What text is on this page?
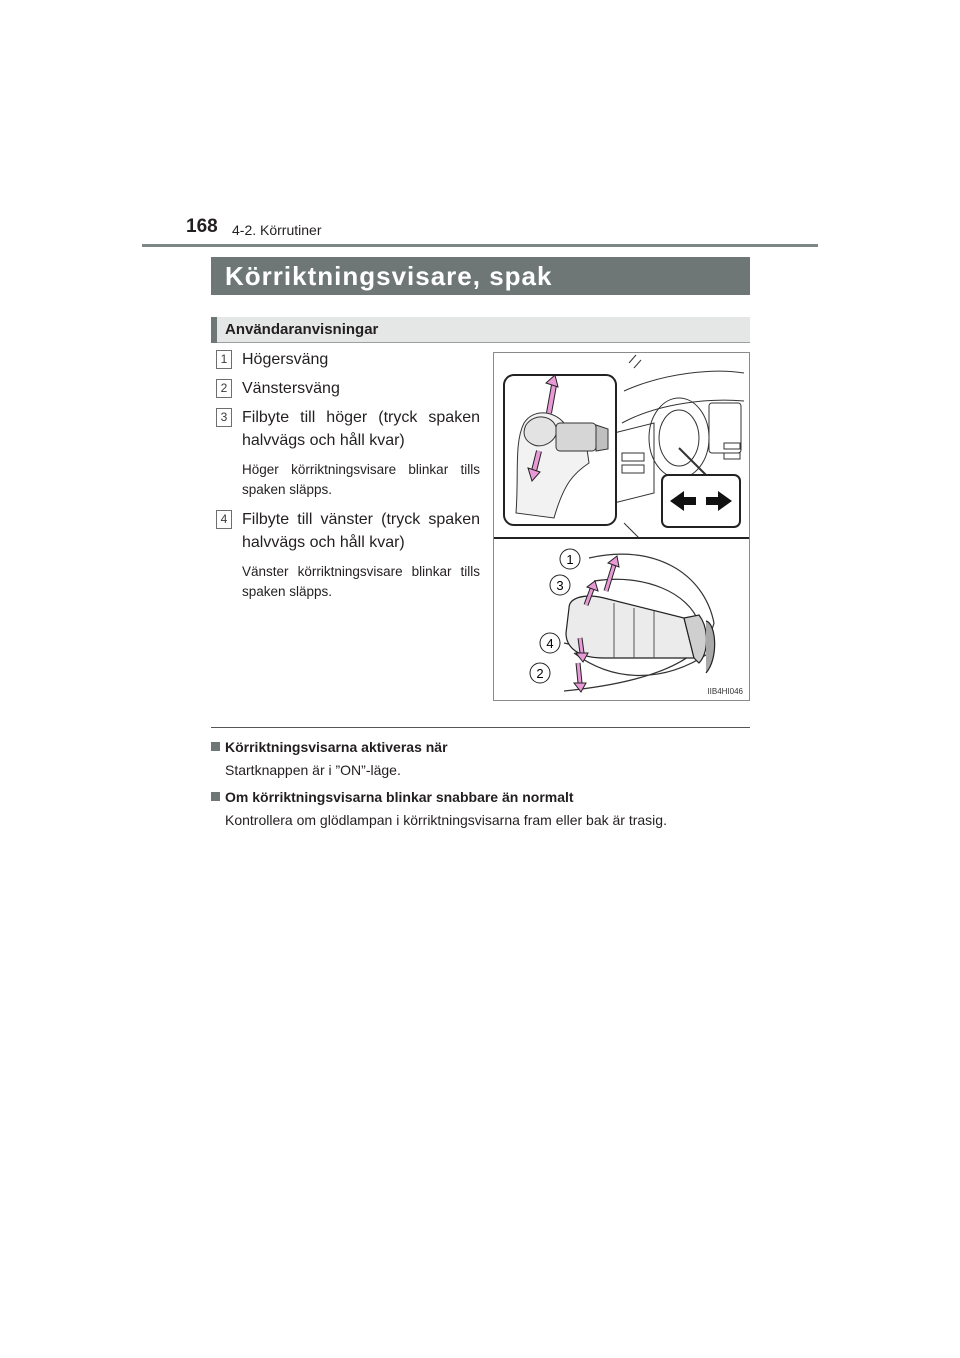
168 4-2. Körrutiner
Körriktningsvisare, spak
Användaranvisningar
1 Högersväng
2 Vänstersväng
3 Filbyte till höger (tryck spaken halvvägs och håll kvar)
Höger körriktningsvisare blinkar tills spaken släpps.
4 Filbyte till vänster (tryck spaken halvvägs och håll kvar)
Vänster körriktningsvisare blinkar tills spaken släpps.
1
3
4
2
IIB4HI046
Körriktningsvisarna aktiveras när
Startknappen är i ”ON”-läge.
Om körriktningsvisarna blinkar snabbare än normalt
Kontrollera om glödlampan i körriktningsvisarna fram eller bak är trasig.
